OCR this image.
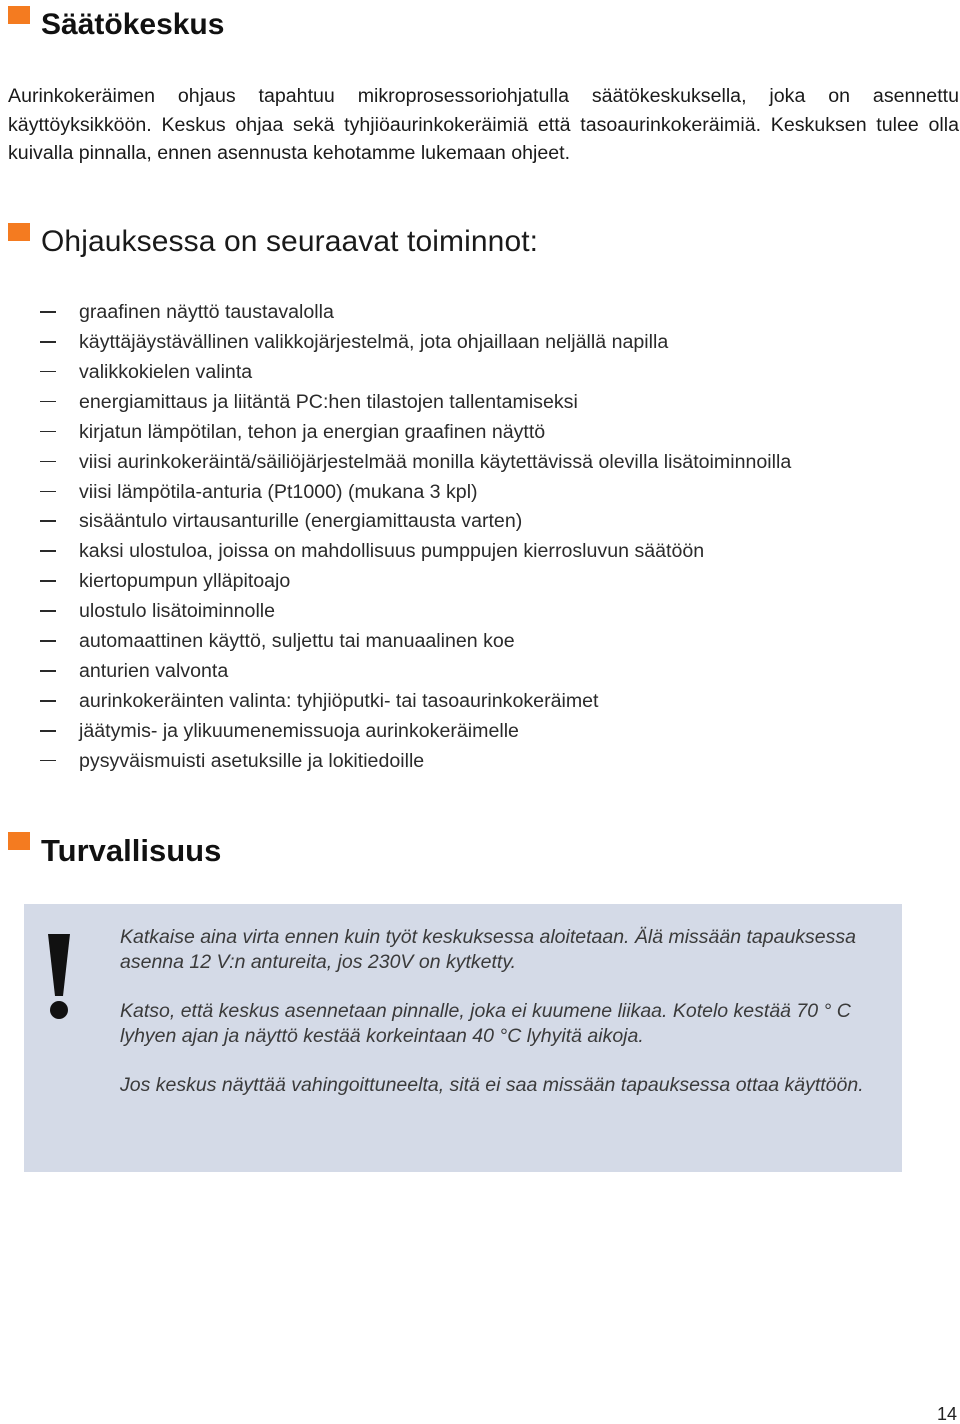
Säätökeskus

Aurinkokeräimen ohjaus tapahtuu mikroprosessoriohjatulla säätökeskuksella, joka on asennettu käyttöyksikköön. Keskus ohjaa sekä tyhjiöaurinkokeräimiä että tasoaurinkokeräimiä. Keskuksen tulee olla kuivalla pinnalla, ennen asennusta kehotamme lukemaan ohjeet.

Ohjauksessa on seuraavat toiminnot:
graafinen näyttö taustavalolla
käyttäjäystävällinen valikkojärjestelmä, jota ohjaillaan neljällä napilla
valikkokielen valinta
energiamittaus ja liitäntä PC:hen tilastojen tallentamiseksi
kirjatun lämpötilan, tehon ja energian graafinen näyttö
viisi aurinkokeräintä/säiliöjärjestelmää monilla käytettävissä olevilla lisätoiminnoilla
viisi lämpötila-anturia (Pt1000) (mukana 3 kpl)
sisääntulo virtausanturille (energiamittausta varten)
kaksi ulostuloa, joissa on mahdollisuus pumppujen kierrosluvun säätöön
kiertopumpun ylläpitoajo
ulostulo lisätoiminnolle
automaattinen käyttö, suljettu tai manuaalinen koe
anturien valvonta
aurinkokeräinten valinta: tyhjiöputki- tai tasoaurinkokeräimet
jäätymis- ja ylikuumenemissuoja aurinkokeräimelle
pysyväismuisti asetuksille ja lokitiedoille
Turvallisuus
Katkaise aina virta ennen kuin työt keskuksessa aloitetaan. Älä missään tapauksessa asenna 12 V:n antureita, jos 230V on kytketty.
Katso, että keskus asennetaan pinnalle, joka ei kuumene liikaa. Kotelo kestää 70 ° C lyhyen ajan ja näyttö kestää korkeintaan 40 °C lyhyitä aikoja.
Jos keskus näyttää vahingoittuneelta, sitä ei saa missään tapauksessa ottaa käyttöön.
14
